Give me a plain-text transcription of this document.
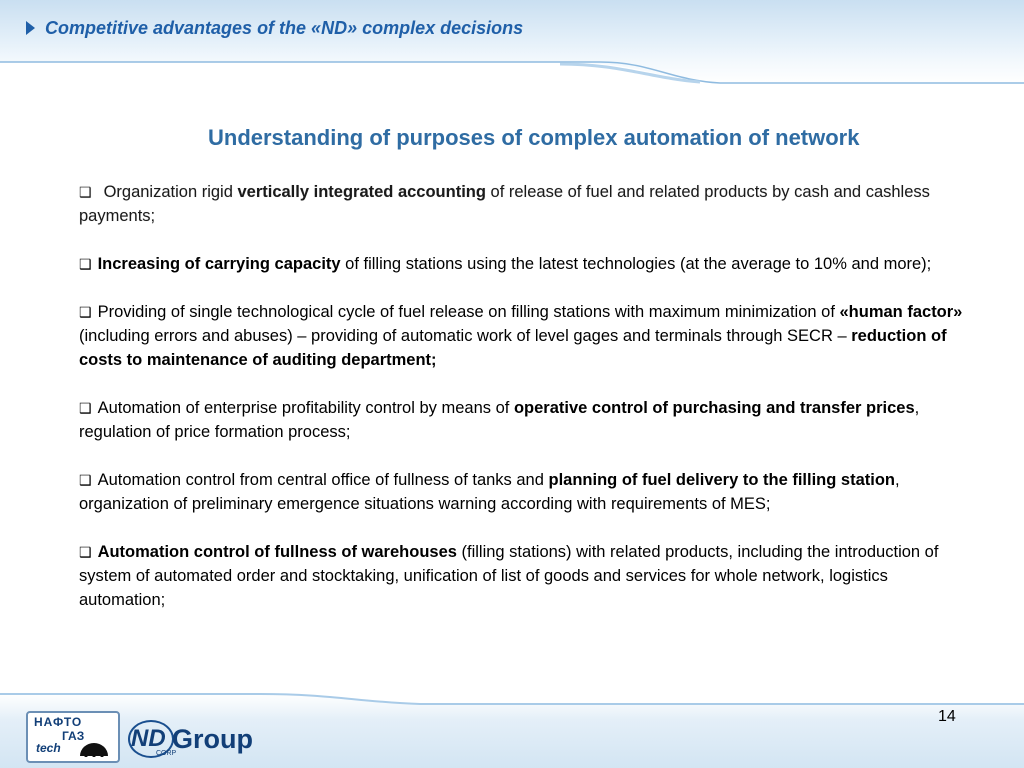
Competitive advantages of the «ND» complex decisions
Understanding of purposes of complex automation of network

❑ Organization rigid vertically integrated accounting of release of fuel and related products by cash and cashless payments;

❑ Increasing of carrying capacity of filling stations using the latest technologies (at the average to 10% and more);

❑ Providing of single technological cycle of fuel release on filling stations with maximum minimization of «human factor» (including errors and abuses) – providing of automatic work of level gages and terminals through SECR – reduction of costs to maintenance of auditing department;

❑ Automation of enterprise profitability control by means of operative control of purchasing and transfer prices, regulation of price formation process;

❑ Automation control from central office of fullness of tanks and planning of fuel delivery to the filling station, organization of preliminary emergence situations warning according with requirements of MES;

❑ Automation control of fullness of warehouses (filling stations) with related products, including the introduction of system of automated order and stocktaking, unification of list of goods and services for whole network, logistics automation;

14
НАФТО
ГАЗ
tech	ND
CORP
Group
